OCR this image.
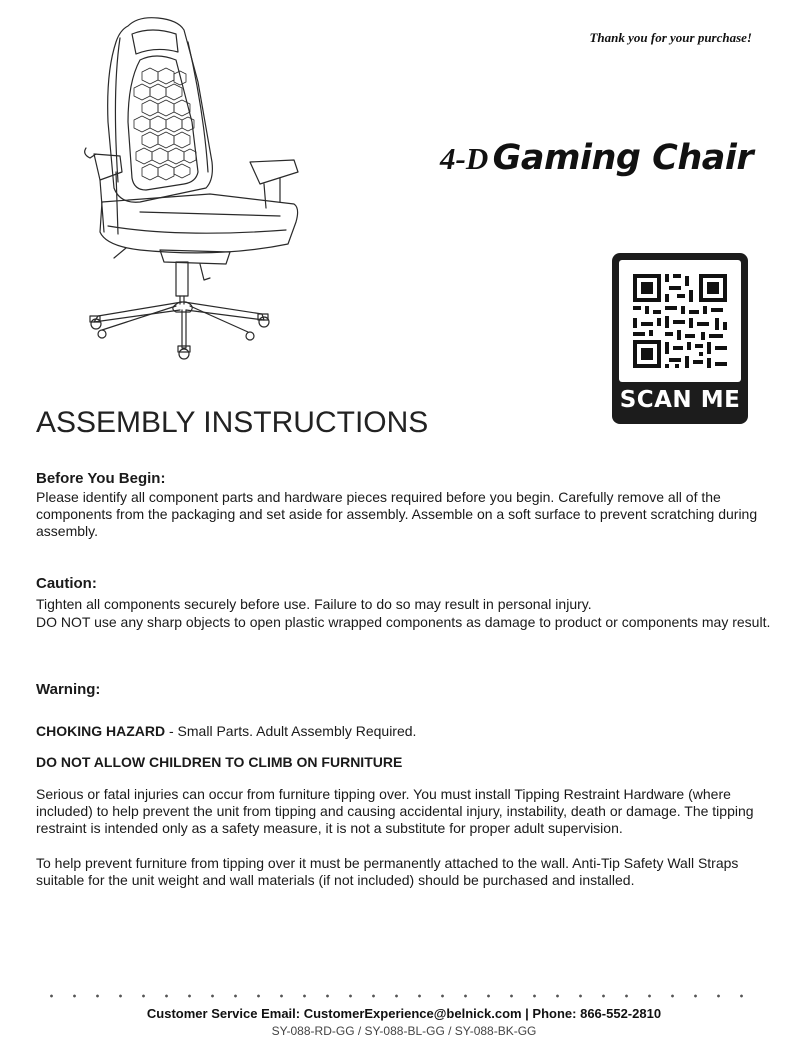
Thank you for your purchase!
4-D Gaming Chair
SCAN ME
ASSEMBLY INSTRUCTIONS
Before You Begin:

Please identify all component parts and hardware pieces required before you begin. Carefully remove all of the components from the packaging and set aside for assembly. Assemble on a soft surface to prevent scratching during assembly.

Caution:

Tighten all components securely before use. Failure to do so may result in personal injury.

DO NOT use any sharp objects to open plastic wrapped components as damage to product or components may result.

Warning:

CHOKING HAZARD - Small Parts. Adult Assembly Required.

DO NOT ALLOW CHILDREN TO CLIMB ON FURNITURE

Serious or fatal injuries can occur from furniture tipping over. You must install Tipping Restraint Hardware (where included) to help prevent the unit from tipping and causing accidental injury, instability, death or damage. The tipping restraint is intended only as a safety measure, it is not a substitute for proper adult supervision.

To help prevent furniture from tipping over it must be permanently attached to the wall. Anti-Tip Safety Wall Straps suitable for the unit weight and wall materials (if not included) should be purchased and installed.

Customer Service Email: CustomerExperience@belnick.com | Phone: 866-552-2810
SY-088-RD-GG / SY-088-BL-GG / SY-088-BK-GG
